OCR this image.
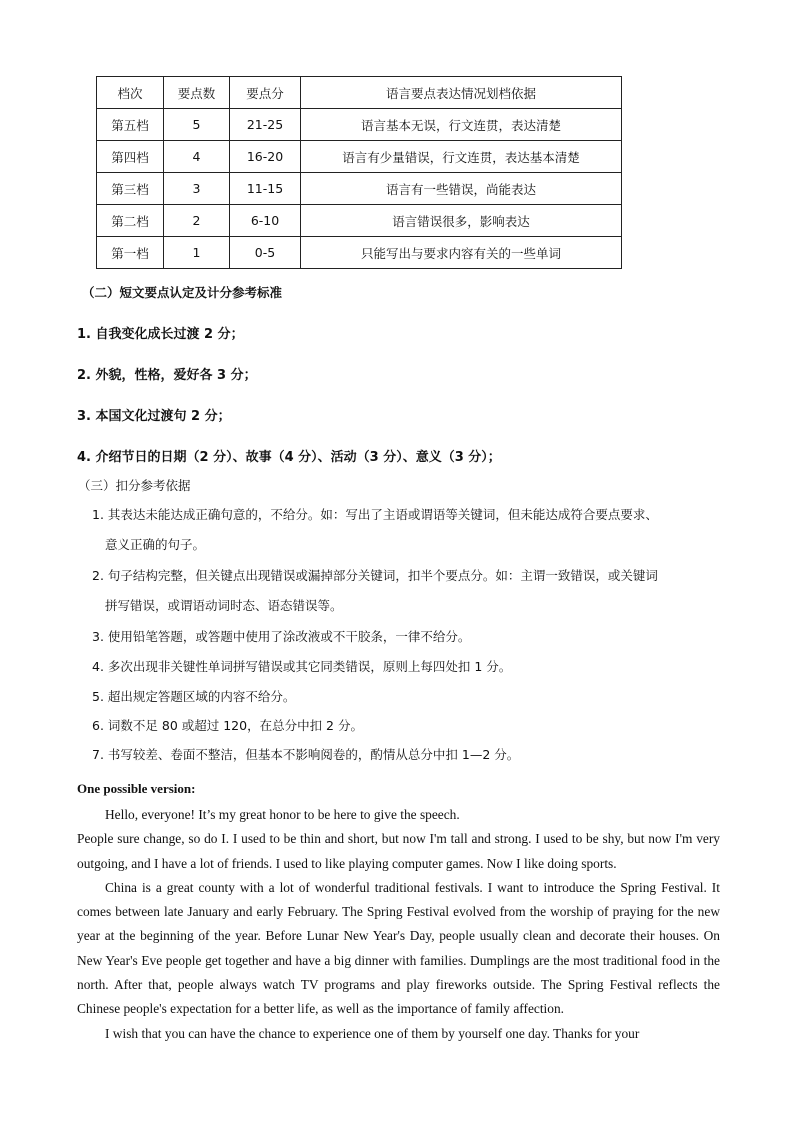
档次	要点数	要点分	语言要点表达情况划档依据
第五档	5	21-25	语言基本无误，行文连贯，表达清楚
第四档	4	16-20	语言有少量错误，行文连贯，表达基本清楚
第三档	3	11-15	语言有一些错误，尚能表达
第二档	2	6-10	语言错误很多，影响表达
第一档	1	0-5	只能写出与要求内容有关的一些单词
（二）短文要点认定及计分参考标准
1. 自我变化成长过渡 2 分；
2. 外貌，性格，爱好各 3 分；
3. 本国文化过渡句 2 分；
4. 介绍节日的日期（2 分）、故事（4 分）、活动（3 分）、意义（3 分）；
（三）扣分参考依据
1. 其表达未能达成正确句意的，不给分。如：写出了主语或谓语等关键词，但未能达成符合要点要求、
意义正确的句子。
2. 句子结构完整，但关键点出现错误或漏掉部分关键词，扣半个要点分。如：主谓一致错误，或关键词
拼写错误，或谓语动词时态、语态错误等。
3. 使用铅笔答题，或答题中使用了涂改液或不干胶条，一律不给分。
4. 多次出现非关键性单词拼写错误或其它同类错误，原则上每四处扣 1 分。
5. 超出规定答题区域的内容不给分。
6. 词数不足 80 或超过 120，在总分中扣 2 分。
7. 书写较差、卷面不整洁，但基本不影响阅卷的，酌情从总分中扣 1—2 分。
One possible version:

Hello, everyone! It’s my great honor to be here to give the speech.

People sure change, so do I. I used to be thin and short, but now I'm tall and strong. I used to be shy, but now I'm very outgoing, and I have a lot of friends. I used to like playing computer games. Now I like doing sports.

China is a great county with a lot of wonderful traditional festivals. I want to introduce the Spring Festival. It comes between late January and early February. The Spring Festival evolved from the worship of praying for the new year at the beginning of the year. Before Lunar New Year's Day, people usually clean and decorate their houses. On New Year's Eve people get together and have a big dinner with families. Dumplings are the most traditional food in the north. After that, people always watch TV programs and play fireworks outside. The Spring Festival reflects the Chinese people's expectation for a better life, as well as the importance of family affection.

I wish that you can have the chance to experience one of them by yourself one day. Thanks for your
